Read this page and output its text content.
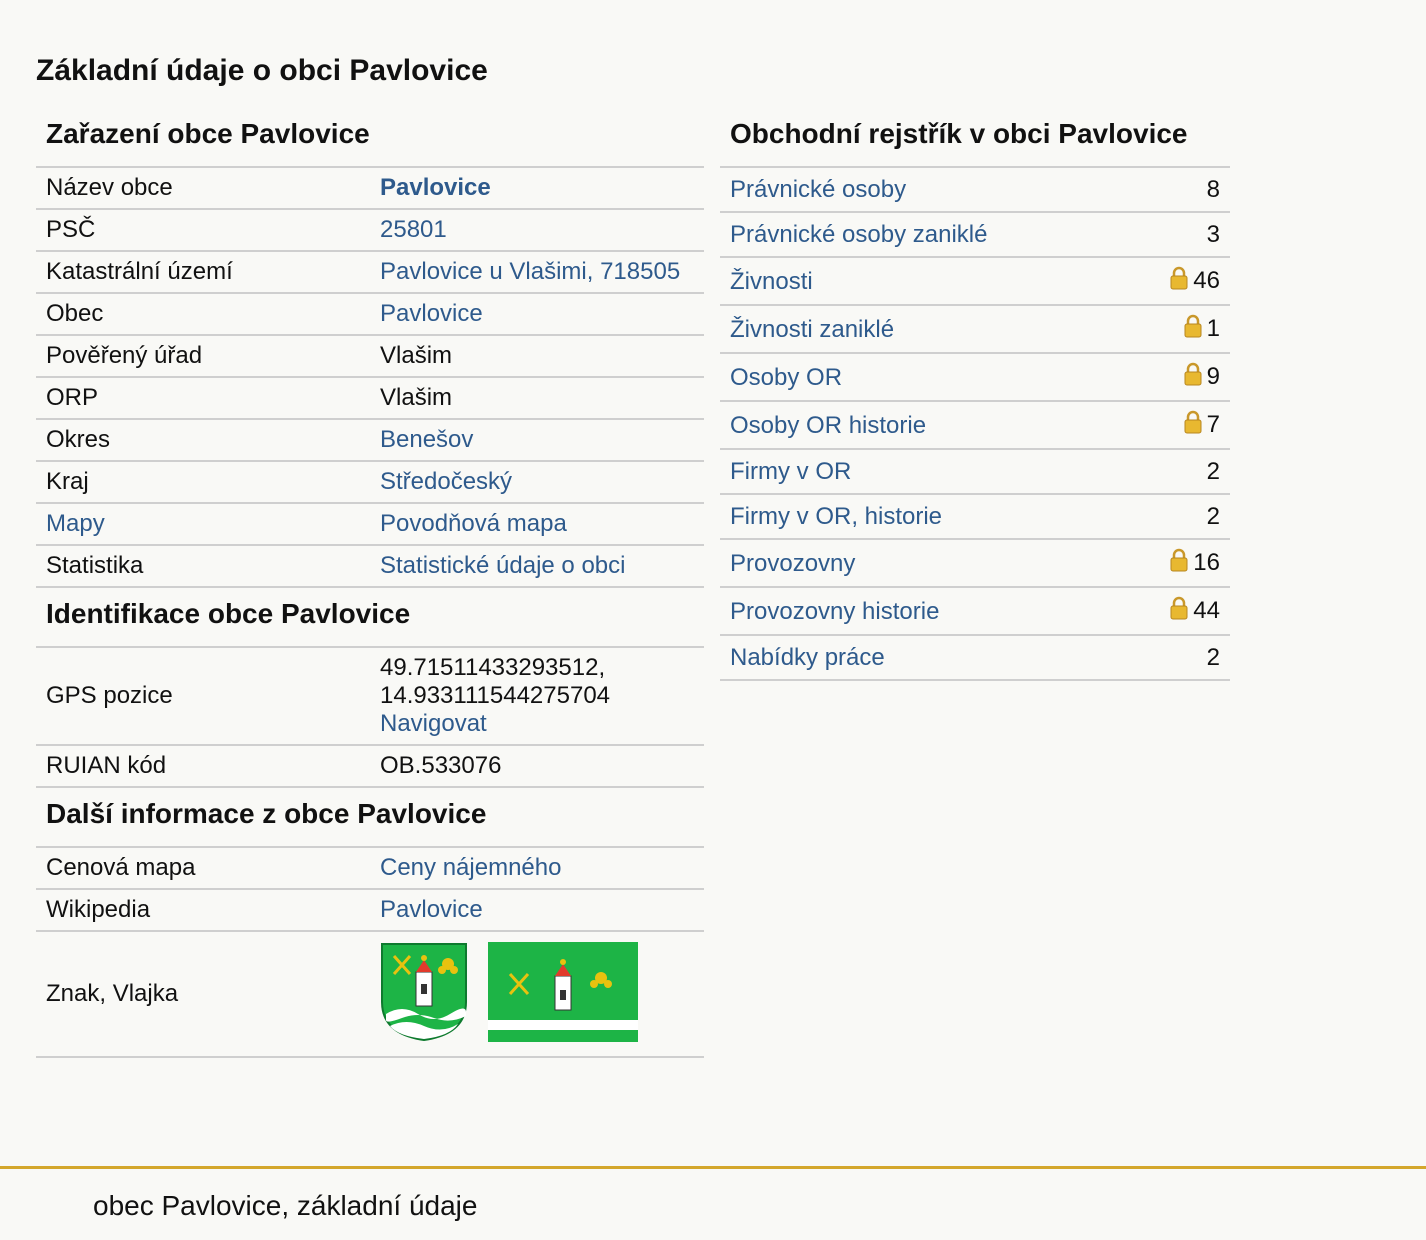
Základní údaje o obci Pavlovice
Zařazení obce Pavlovice	
Název obce	Pavlovice
PSČ	25801
Katastrální území	Pavlovice u Vlašimi, 718505
Obec	Pavlovice
Pověřený úřad	Vlašim
ORP	Vlašim
Okres	Benešov
Kraj	Středočeský
Mapy	Povodňová mapa
Statistika	Statistické údaje o obci
Identifikace obce Pavlovice	
GPS pozice	49.71511433293512,
14.933111544275704
Navigovat
RUIAN kód	OB.533076
Další informace z obce Pavlovice	
Cenová mapa	Ceny nájemného
Wikipedia	Pavlovice
Znak, Vlajka	
Obchodní rejstřík v obci Pavlovice	
Právnické osoby	8
Právnické osoby zaniklé	3
Živnosti	46
Živnosti zaniklé	1
Osoby OR	9
Osoby OR historie	7
Firmy v OR	2
Firmy v OR, historie	2
Provozovny	16
Provozovny historie	44
Nabídky práce	2
obec Pavlovice, základní údaje
